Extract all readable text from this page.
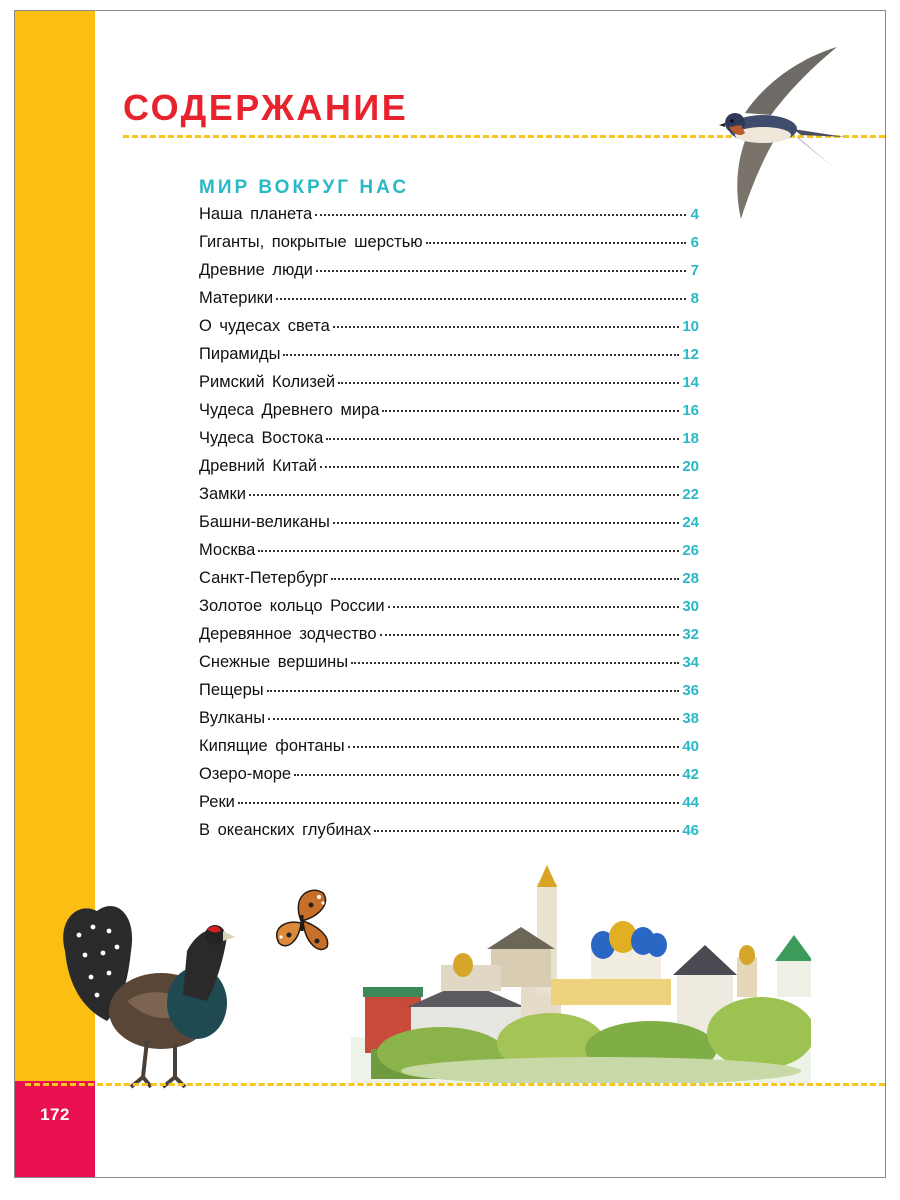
172
СОДЕРЖАНИЕ
МИР ВОКРУГ НАС
Наша планета	4
Гиганты, покрытые шерстью	6
Древние люди	7
Материки	8
О чудесах света	10
Пирамиды	12
Римский Колизей	14
Чудеса Древнего мира	16
Чудеса Востока	18
Древний Китай	20
Замки	22
Башни-великаны	24
Москва	26
Санкт-Петербург	28
Золотое кольцо России	30
Деревянное зодчество	32
Снежные вершины	34
Пещеры	36
Вулканы	38
Кипящие фонтаны	40
Озеро-море	42
Реки	44
В океанских глубинах	46
